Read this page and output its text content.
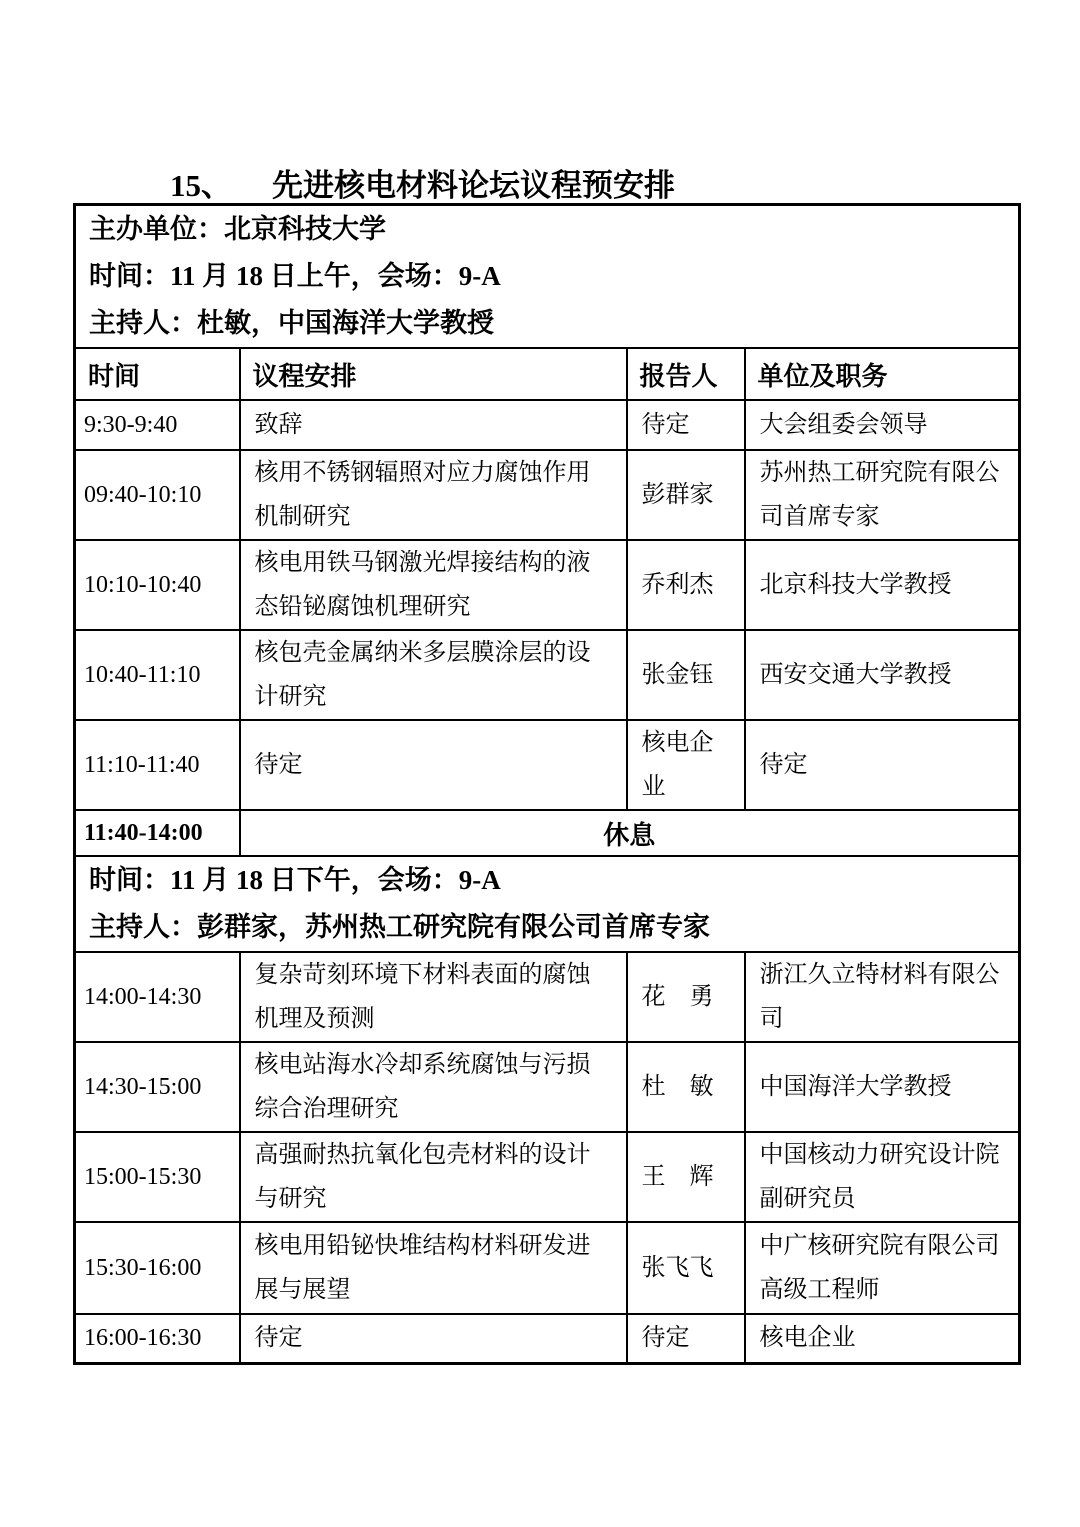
15、 先进核电材料论坛议程预安排
主办单位：北京科技大学
时间：11 月 18 日上午，会场：9-A
主持人：杜敏，中国海洋大学教授			

时间	议程安排	报告人	单位及职务
9:30-9:40	致辞	待定	大会组委会领导
09:40-10:10	核用不锈钢辐照对应力腐蚀作用机制研究	彭群家	苏州热工研究院有限公司首席专家
10:10-10:40	核电用铁马钢激光焊接结构的液态铅铋腐蚀机理研究	乔利杰	北京科技大学教授
10:40-11:10	核包壳金属纳米多层膜涂层的设计研究	张金钰	西安交通大学教授
11:10-11:40	待定	核电企业	待定
11:40-14:00	休息		

时间：11 月 18 日下午，会场：9-A
主持人：彭群家，苏州热工研究院有限公司首席专家			

14:00-14:30	复杂苛刻环境下材料表面的腐蚀机理及预测	花　勇	浙江久立特材料有限公司
14:30-15:00	核电站海水冷却系统腐蚀与污损综合治理研究	杜　敏	中国海洋大学教授
15:00-15:30	高强耐热抗氧化包壳材料的设计与研究	王　辉	中国核动力研究设计院副研究员
15:30-16:00	核电用铅铋快堆结构材料研发进展与展望	张飞飞	中广核研究院有限公司高级工程师
16:00-16:30	待定	待定	核电企业
